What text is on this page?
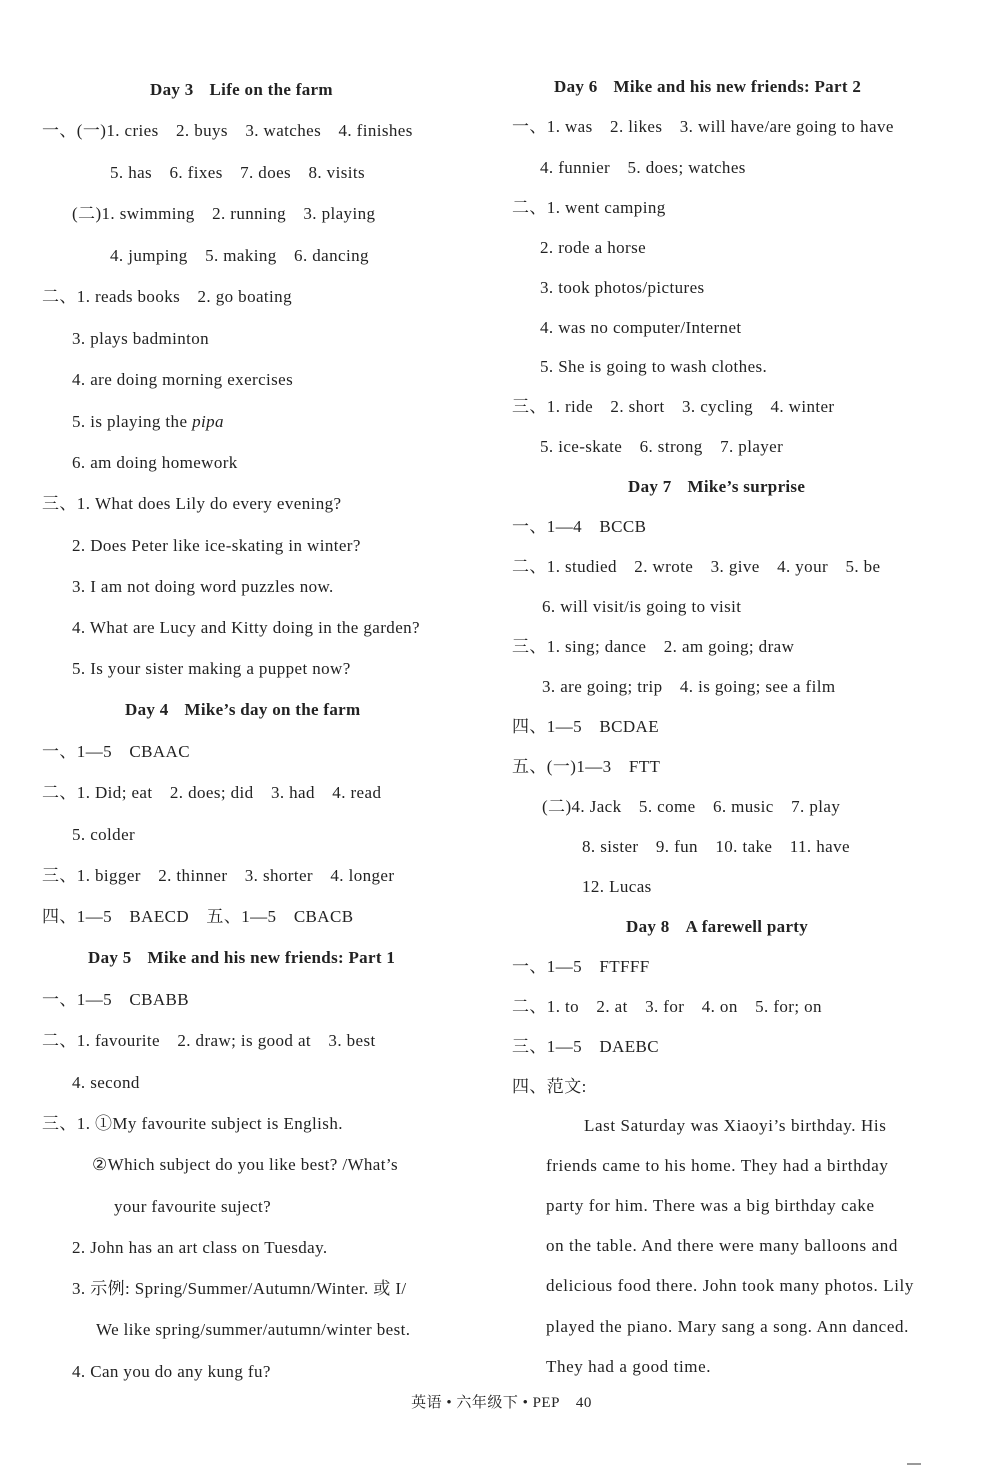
Day 3 Life on the farm
一、(一)1. cries　2. buys　3. watches　4. finishes
5. has　6. fixes　7. does　8. visits
(二)1. swimming　2. running　3. playing
4. jumping　5. making　6. dancing
二、1. reads books　2. go boating
3. plays badminton
4. are doing morning exercises
5. is playing the pipa
6. am doing homework
三、1. What does Lily do every evening?
2. Does Peter like ice-skating in winter?
3. I am not doing word puzzles now.
4. What are Lucy and Kitty doing in the garden?
5. Is your sister making a puppet now?
Day 4 Mike’s day on the farm
一、1—5　CBAAC
二、1. Did; eat　2. does; did　3. had　4. read
5. colder
三、1. bigger　2. thinner　3. shorter　4. longer
四、1—5　BAECD　五、1—5　CBACB
Day 5 Mike and his new friends: Part 1
一、1—5　CBABB
二、1. favourite　2. draw; is good at　3. best
4. second
三、1. ①My favourite subject is English.
②Which subject do you like best? /What’s
your favourite suject?
2. John has an art class on Tuesday.
3. 示例: Spring/Summer/Autumn/Winter. 或 I/
We like spring/summer/autumn/winter best.
4. Can you do any kung fu?
Day 6 Mike and his new friends: Part 2
一、1. was　2. likes　3. will have/are going to have
4. funnier　5. does; watches
二、1. went camping
2. rode a horse
3. took photos/pictures
4. was no computer/Internet
5. She is going to wash clothes.
三、1. ride　2. short　3. cycling　4. winter
5. ice-skate　6. strong　7. player
Day 7 Mike’s surprise
一、1—4　BCCB
二、1. studied　2. wrote　3. give　4. your　5. be
6. will visit/is going to visit
三、1. sing; dance　2. am going; draw
3. are going; trip　4. is going; see a film
四、1—5　BCDAE
五、(一)1—3　FTT
(二)4. Jack　5. come　6. music　7. play
8. sister　9. fun　10. take　11. have
12. Lucas
Day 8 A farewell party
一、1—5　FTFFF
二、1. to　2. at　3. for　4. on　5. for; on
三、1—5　DAEBC
四、范文:
Last Saturday was Xiaoyi’s birthday. His
friends came to his home. They had a birthday
party for him. There was a big birthday cake
on the table. And there were many balloons and
delicious food there. John took many photos. Lily
played the piano. Mary sang a song. Ann danced.
They had a good time.
英语 • 六年级下 • PEP 40
